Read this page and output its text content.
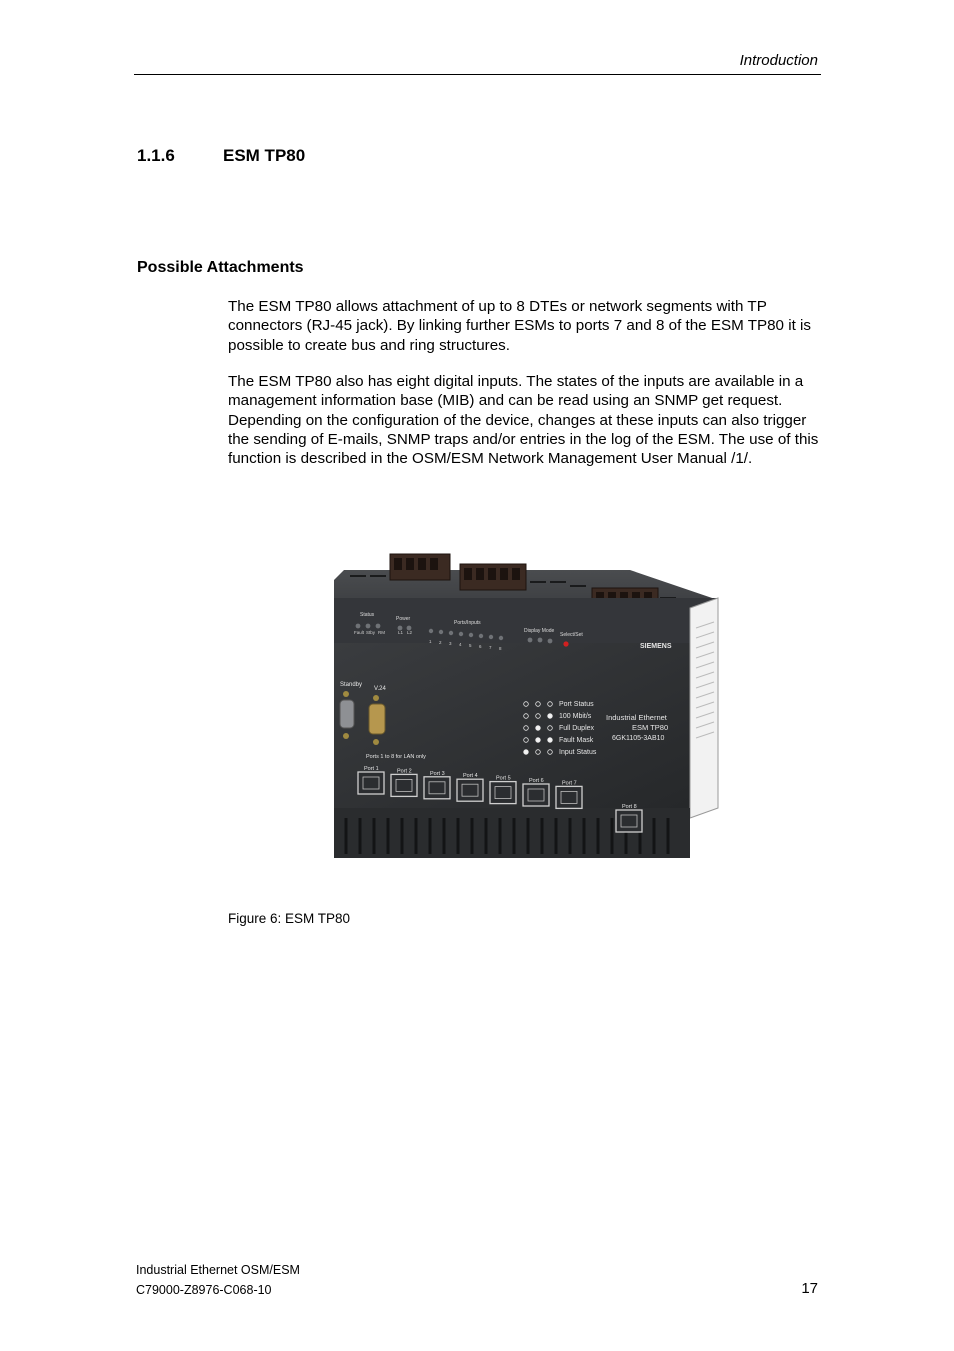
Introduction
1.1.6	ESM TP80
Possible Attachments
The ESM TP80 allows attachment of up to 8 DTEs or network segments with TP connectors (RJ-45 jack). By linking further ESMs to ports 7 and 8 of the ESM TP80 it is possible to create bus and ring structures.
The ESM TP80 also has eight digital inputs. The states of the inputs are available in a management information base (MIB) and can be read using an SNMP get request. Depending on the configuration of the device, changes at these inputs can also trigger the sending of E-mails, SNMP traps and/or entries in the log of the ESM. The use of this function is described in the OSM/ESM Network Management User Manual /1/.
Status
Power
Ports/Inputs
Display Mode
Select/Set
Fault Stby RM	L1 L2
1 2 3 4 5 6 7 8	SIEMENS
Standby
V.24
Port Status
100 Mbit/s
Full Duplex
Fault Mask
Input Status
Industrial Ethernet
ESM TP80
6GK1105-3AB10
Ports 1 to 8 for LAN only
Port 1	Port 2	Port 3	Port 4	Port 5	Port 6	Port 7
Port 8
Figure 6: ESM TP80
Industrial Ethernet OSM/ESM
C79000-Z8976-C068-10	17
